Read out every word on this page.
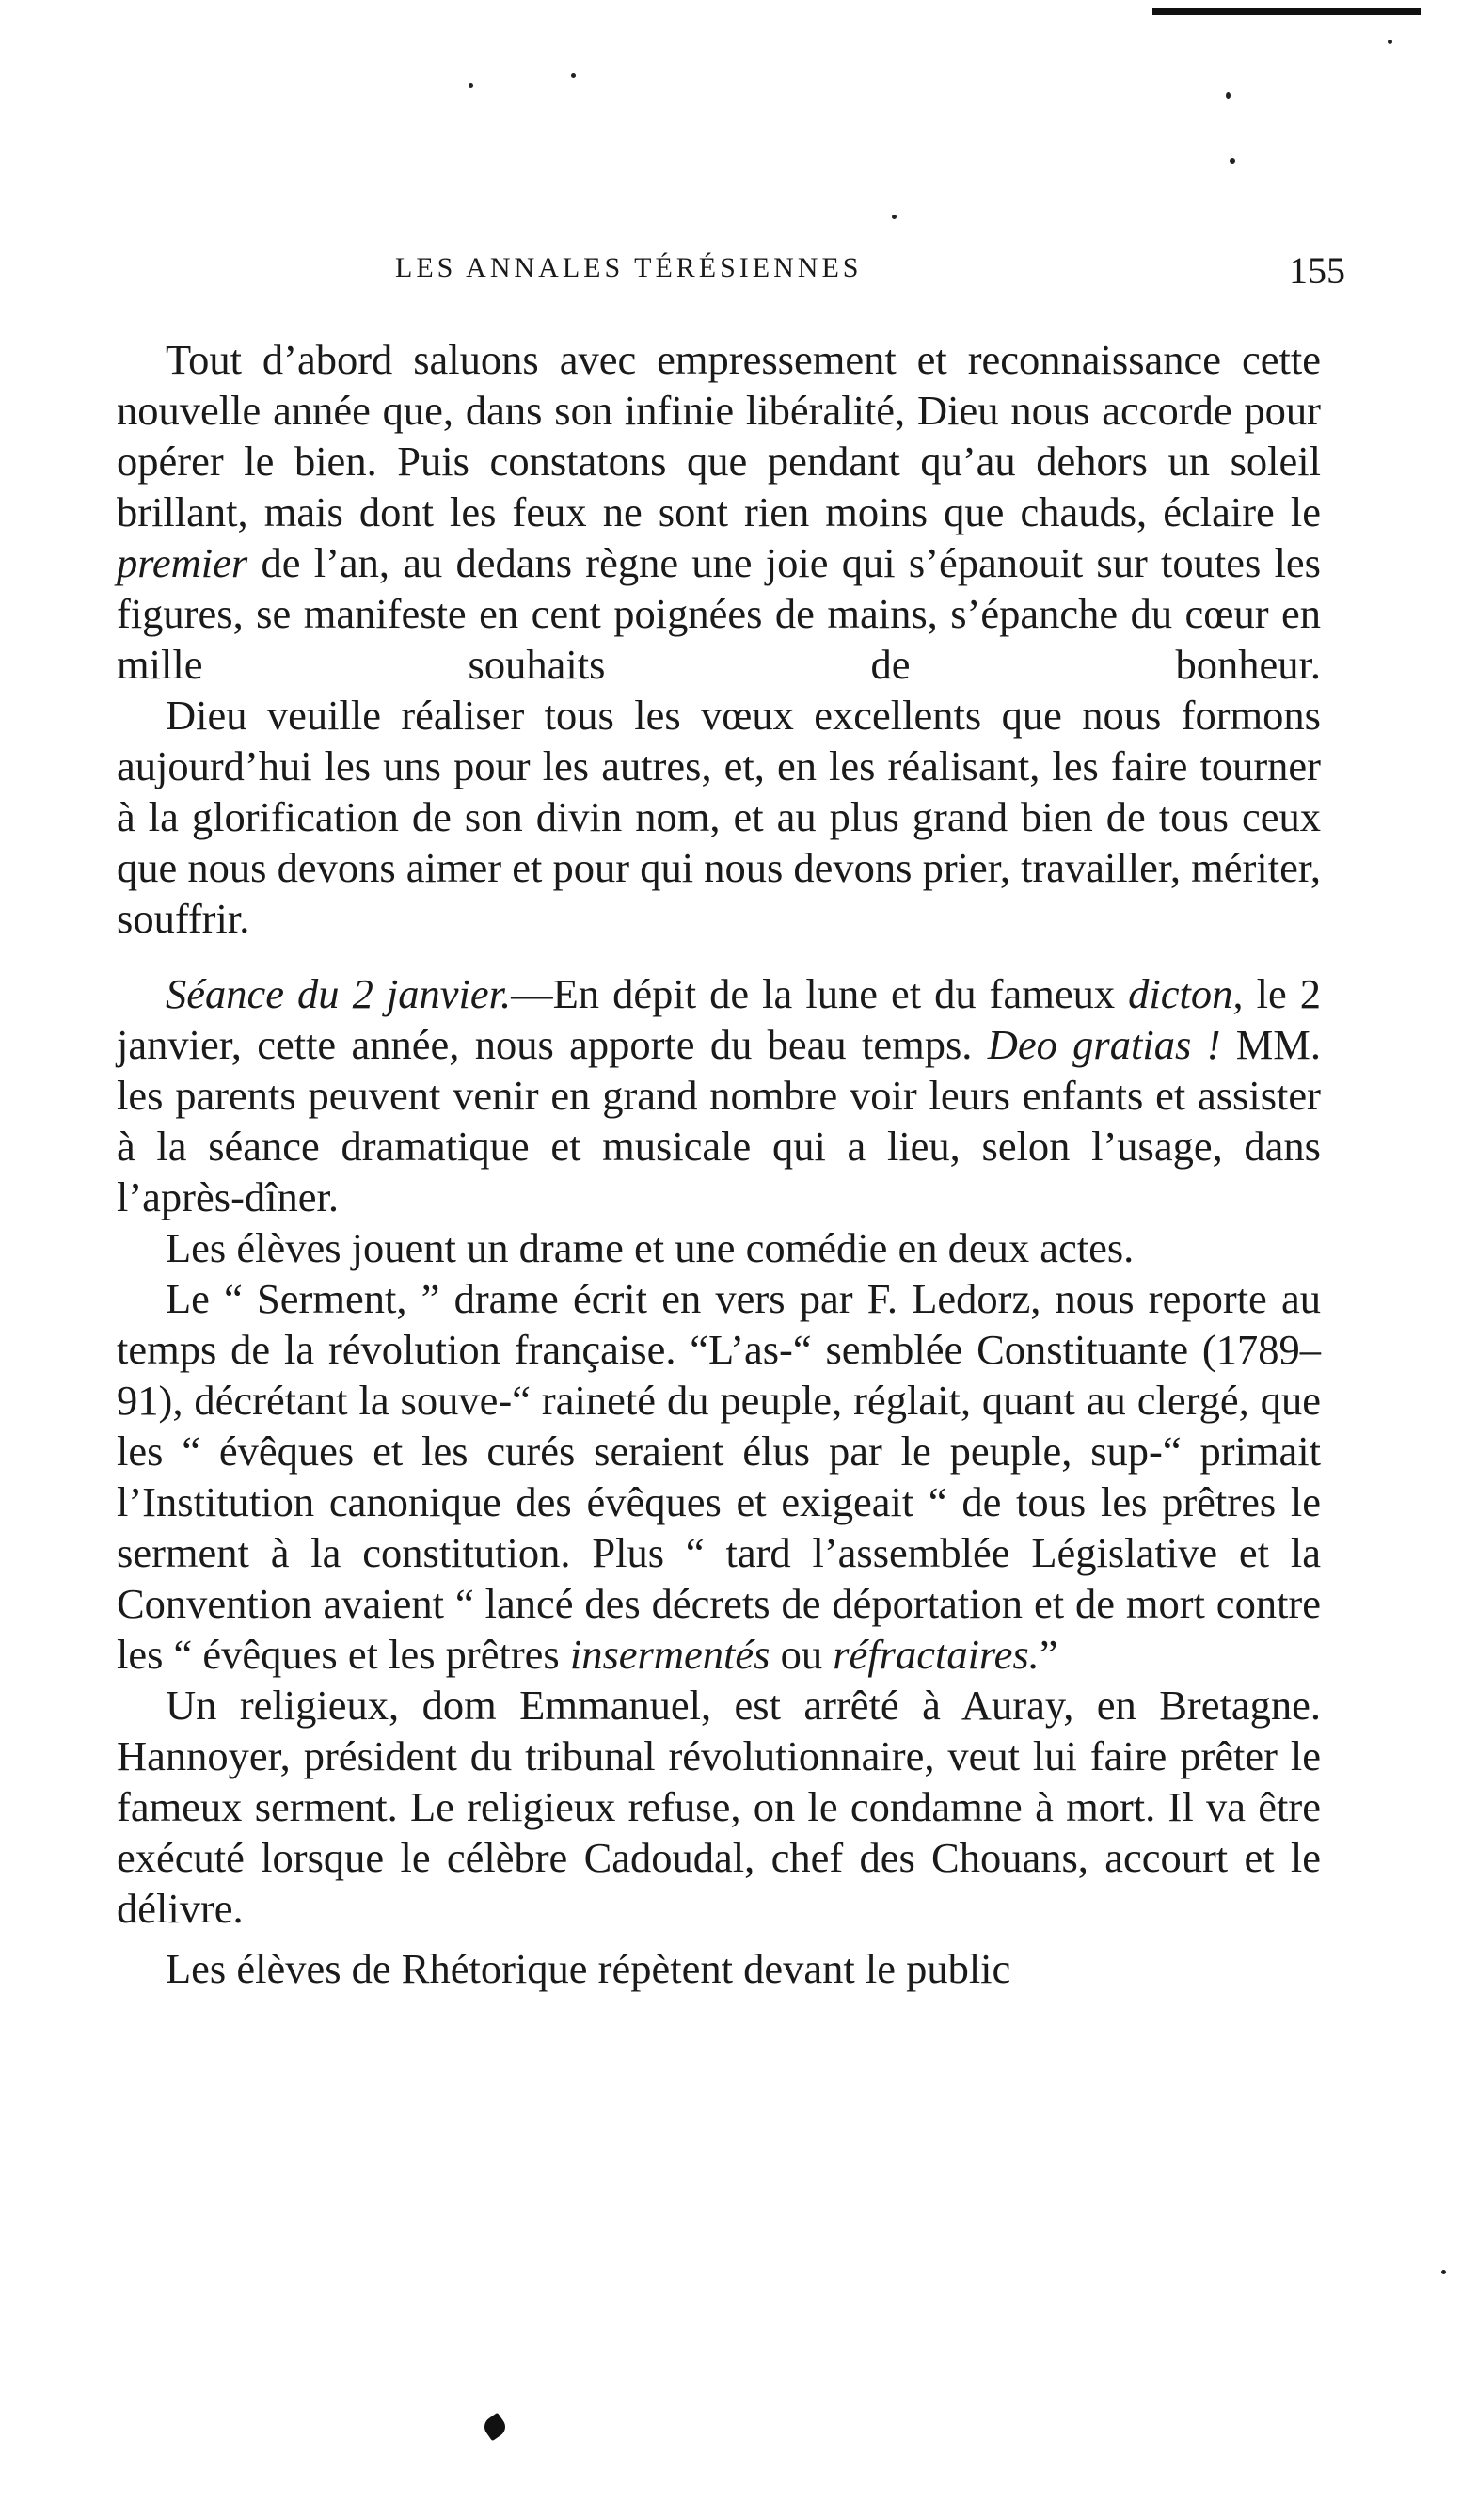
LES ANNALES TÉRÉSIENNES	155

Tout d’abord saluons avec empressement et reconnaissance cette nouvelle année que, dans son infinie libéralité, Dieu nous accorde pour opérer le bien. Puis constatons que pendant qu’au dehors un soleil brillant, mais dont les feux ne sont rien moins que chauds, éclaire le premier de l’an, au dedans règne une joie qui s’épanouit sur toutes les figures, se manifeste en cent poignées de mains, s’épanche du cœur en mille souhaits de bonheur.

Dieu veuille réaliser tous les vœux excellents que nous formons aujourd’hui les uns pour les autres, et, en les réalisant, les faire tourner à la glorification de son divin nom, et au plus grand bien de tous ceux que nous devons aimer et pour qui nous devons prier, travailler, mériter, souffrir.

Séance du 2 janvier.—En dépit de la lune et du fameux dicton, le 2 janvier, cette année, nous apporte du beau temps. Deo gratias ! MM. les parents peuvent venir en grand nombre voir leurs enfants et assister à la séance dramatique et musicale qui a lieu, selon l’usage, dans l’après-dîner.

Les élèves jouent un drame et une comédie en deux actes.

Le “ Serment, ” drame écrit en vers par F. Ledorz, nous reporte au temps de la révolution française. “L’as-“ semblée Constituante (1789–91), décrétant la souve-“ raineté du peuple, réglait, quant au clergé, que les “ évêques et les curés seraient élus par le peuple, sup-“ primait l’Institution canonique des évêques et exigeait “ de tous les prêtres le serment à la constitution. Plus “ tard l’assemblée Législative et la Convention avaient “ lancé des décrets de déportation et de mort contre les “ évêques et les prêtres insermentés ou réfractaires.”

Un religieux, dom Emmanuel, est arrêté à Auray, en Bretagne. Hannoyer, président du tribunal révolutionnaire, veut lui faire prêter le fameux serment. Le religieux refuse, on le condamne à mort. Il va être exécuté lorsque le célèbre Cadoudal, chef des Chouans, accourt et le délivre.

Les élèves de Rhétorique répètent devant le public
